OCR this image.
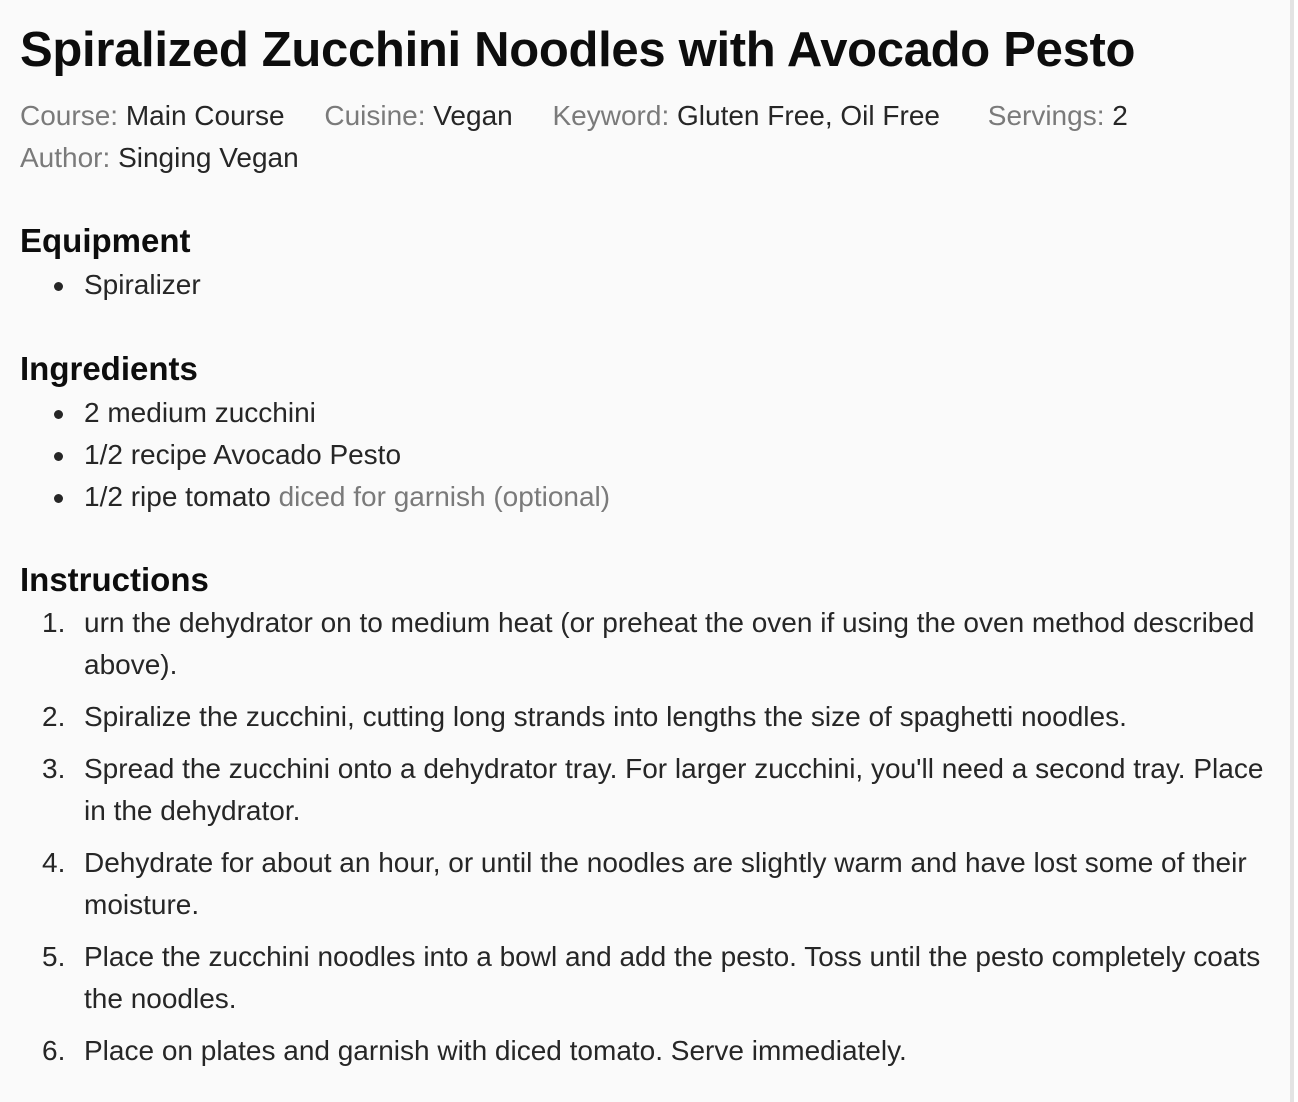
Spiralized Zucchini Noodles with Avocado Pesto
Course: Main Course Cuisine: Vegan Keyword: Gluten Free, Oil Free Servings: 2
Author: Singing Vegan
Equipment
Spiralizer
Ingredients
2 medium zucchini
1/2 recipe Avocado Pesto
1/2 ripe tomato diced for garnish (optional)
Instructions
1. urn the dehydrator on to medium heat (or preheat the oven if using the oven method described above).
2. Spiralize the zucchini, cutting long strands into lengths the size of spaghetti noodles.
3. Spread the zucchini onto a dehydrator tray. For larger zucchini, you'll need a second tray. Place in the dehydrator.
4. Dehydrate for about an hour, or until the noodles are slightly warm and have lost some of their moisture.
5. Place the zucchini noodles into a bowl and add the pesto. Toss until the pesto completely coats the noodles.
6. Place on plates and garnish with diced tomato. Serve immediately.
